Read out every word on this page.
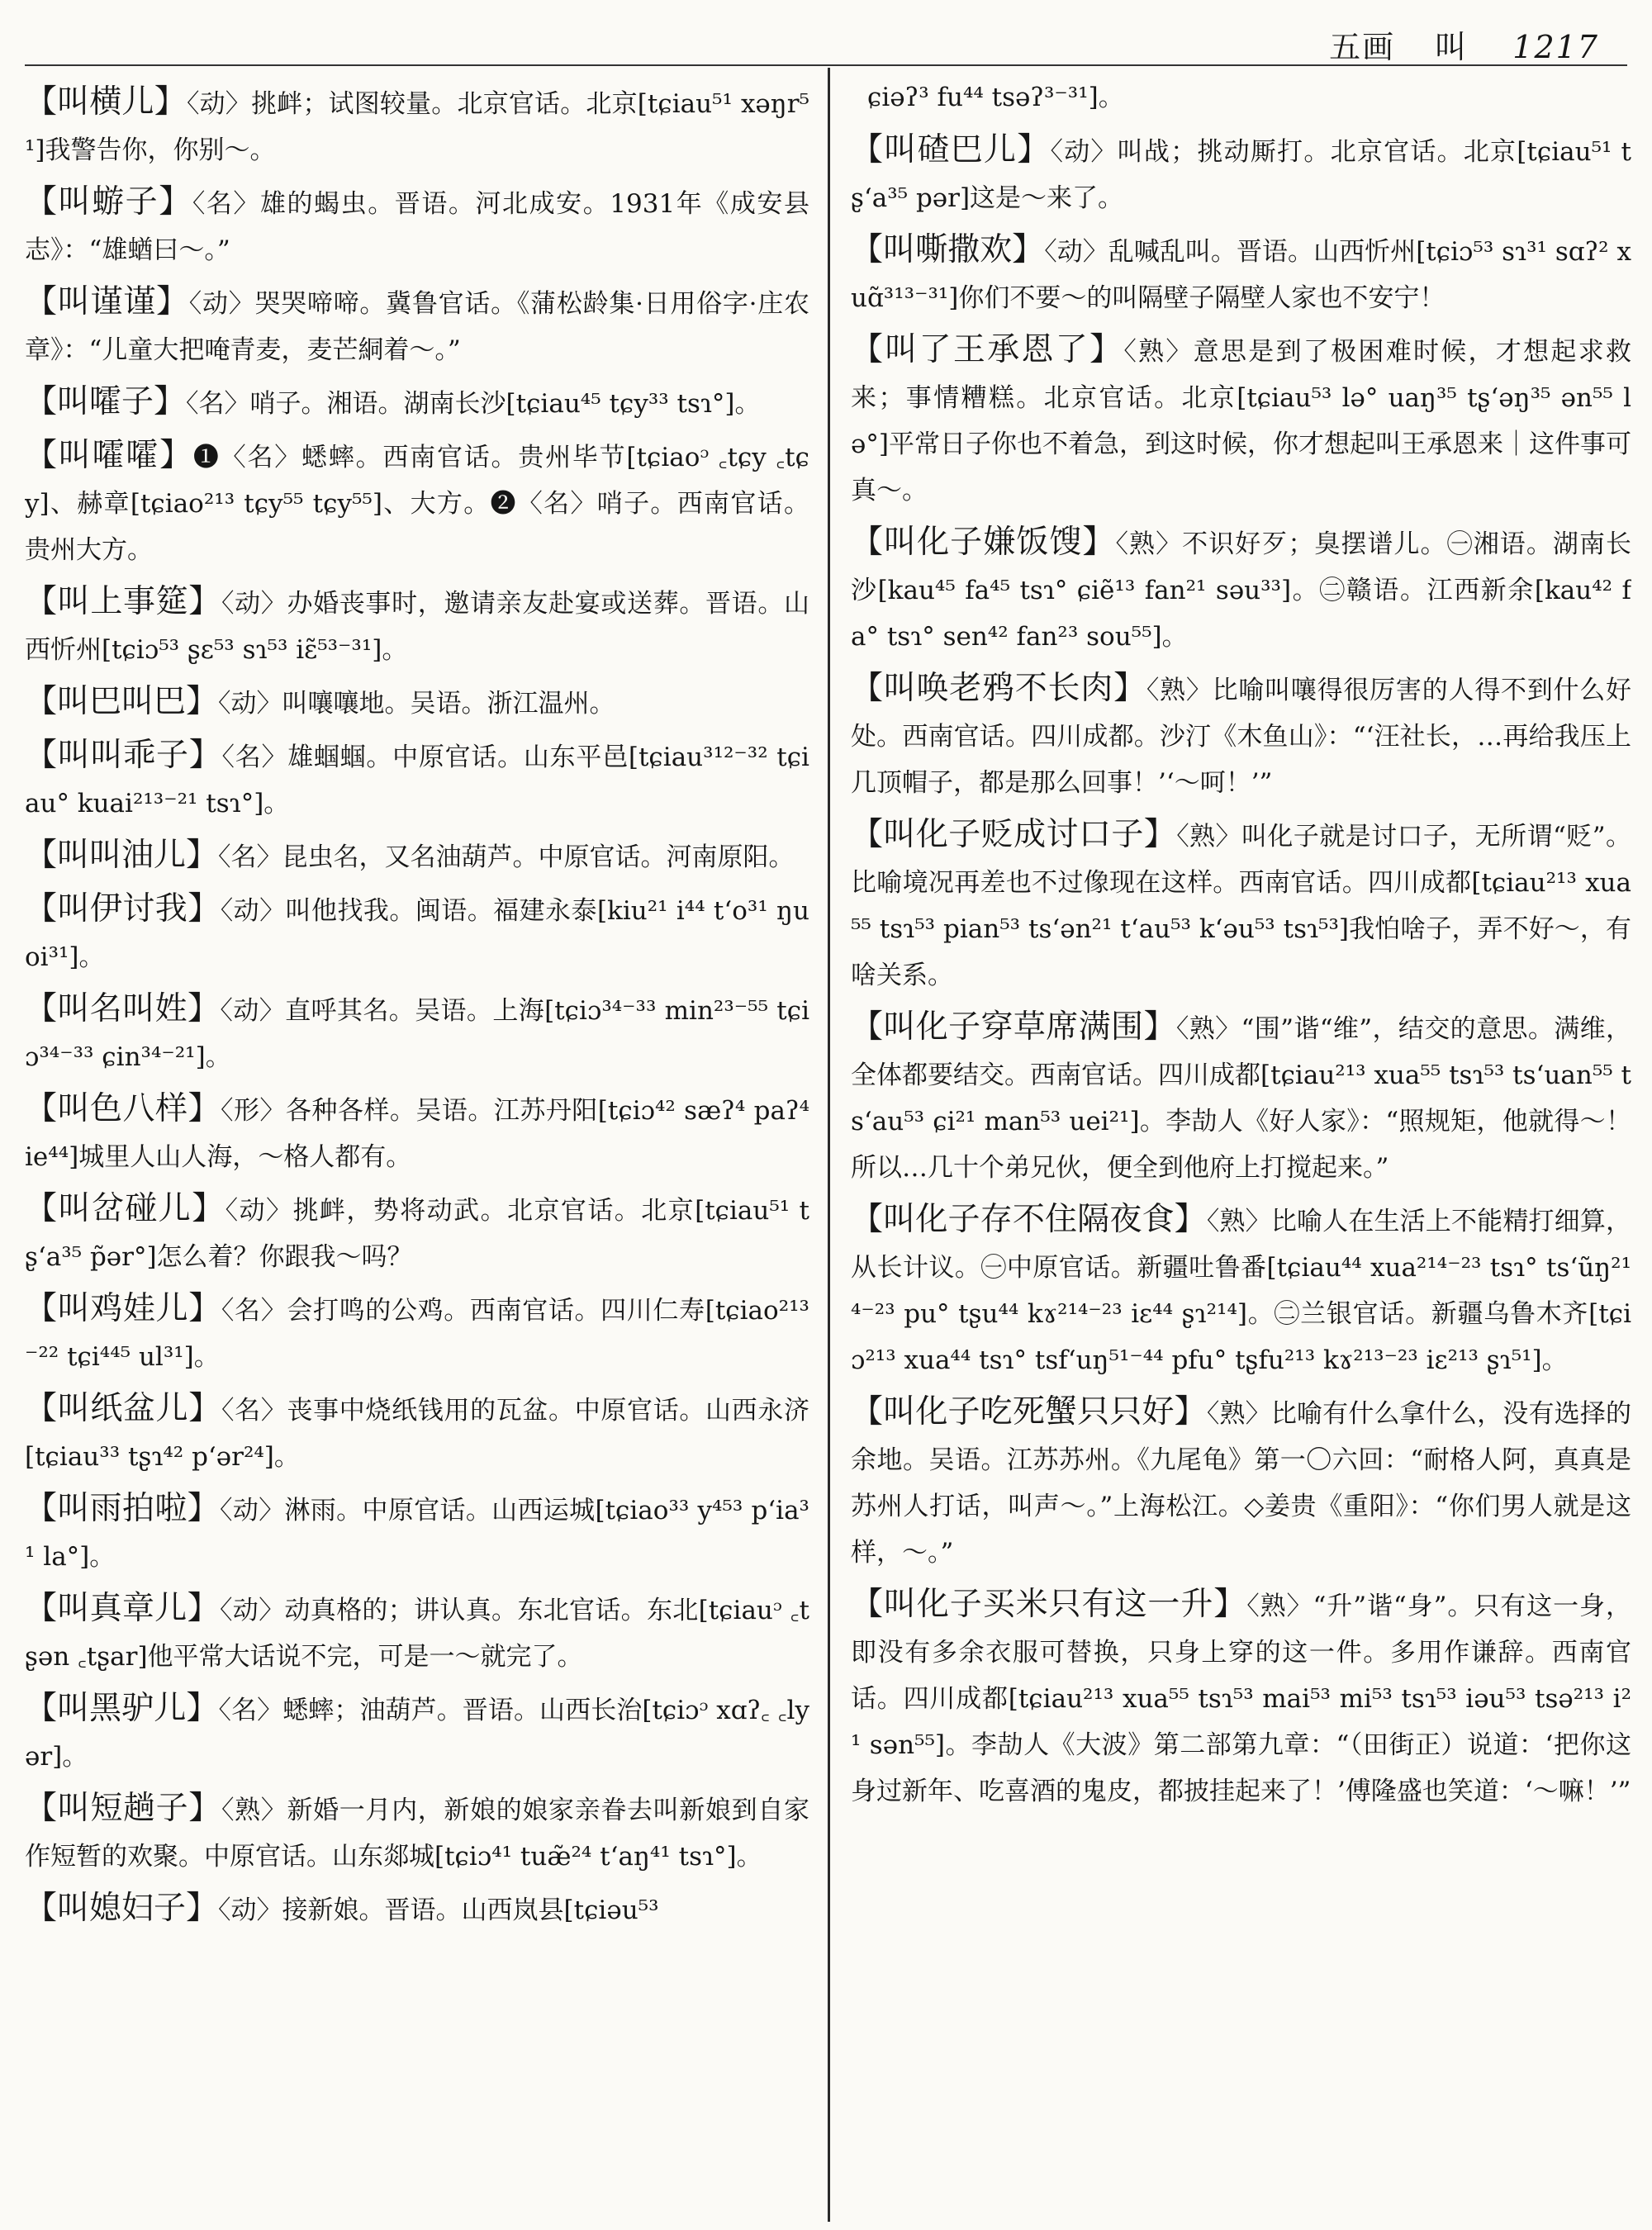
五画 叫 1217
【叫横儿】〈动〉挑衅；试图较量。北京官话。北京[tɕiau⁵¹ xəŋr⁵¹]我警告你，你别～。
【叫蝣子】〈名〉雄的蝎虫。晋语。河北成安。1931年《成安县志》：“雄蝤曰～。”
【叫谨谨】〈动〉哭哭啼啼。冀鲁官话。《蒲松龄集·日用俗字·庄农章》：“儿童大把唵青麦，麦芒絧着～。”
【叫嚯子】〈名〉哨子。湘语。湖南长沙[tɕiau⁴⁵ tɕy³³ tsɿ°]。
【叫嚯嚯】❶〈名〉蟋蟀。西南官话。贵州毕节[tɕiaoᵓ ꜀tɕy ꜀tɕy]、赫章[tɕiao²¹³ tɕy⁵⁵ tɕy⁵⁵]、大方。❷〈名〉哨子。西南官话。贵州大方。
【叫上事筵】〈动〉办婚丧事时，邀请亲友赴宴或送葬。晋语。山西忻州[tɕiɔ⁵³ ʂɛ⁵³ sɿ⁵³ iɛ̃⁵³⁻³¹]。
【叫巴叫巴】〈动〉叫嚷嚷地。吴语。浙江温州。
【叫叫乖子】〈名〉雄蝈蝈。中原官话。山东平邑[tɕiau³¹²⁻³² tɕiau° kuai²¹³⁻²¹ tsɿ°]。
【叫叫油儿】〈名〉昆虫名，又名油葫芦。中原官话。河南原阳。
【叫伊讨我】〈动〉叫他找我。闽语。福建永泰[kiu²¹ i⁴⁴ t‘o³¹ ŋuoi³¹]。
【叫名叫姓】〈动〉直呼其名。吴语。上海[tɕiɔ³⁴⁻³³ min²³⁻⁵⁵ tɕiɔ³⁴⁻³³ ɕin³⁴⁻²¹]。
【叫色八样】〈形〉各种各样。吴语。江苏丹阳[tɕiɔ⁴² sæʔ⁴ paʔ⁴ ie⁴⁴]城里人山人海，～格人都有。
【叫岔碰儿】〈动〉挑衅，势将动武。北京官话。北京[tɕiau⁵¹ tʂ‘a³⁵ p̃ər°]怎么着？你跟我～吗？
【叫鸡娃儿】〈名〉会打鸣的公鸡。西南官话。四川仁寿[tɕiao²¹³⁻²² tɕi⁴⁴⁵ ul³¹]。
【叫纸盆儿】〈名〉丧事中烧纸钱用的瓦盆。中原官话。山西永济[tɕiau³³ tʂɿ⁴² p‘ər²⁴]。
【叫雨拍啦】〈动〉淋雨。中原官话。山西运城[tɕiao³³ y⁴⁵³ p‘ia³¹ la°]。
【叫真章儿】〈动〉动真格的；讲认真。东北官话。东北[tɕiauᵓ ꜀tʂən ꜀tʂar]他平常大话说不完，可是一～就完了。
【叫黑驴儿】〈名〉蟋蟀；油葫芦。晋语。山西长治[tɕiɔᵓ xɑʔ꜀ ꜀lyər]。
【叫短趟子】〈熟〉新婚一月内，新娘的娘家亲眷去叫新娘到自家作短暂的欢聚。中原官话。山东郯城[tɕiɔ⁴¹ tuæ̃²⁴ t‘aŋ⁴¹ tsɿ°]。
【叫媳妇子】〈动〉接新娘。晋语。山西岚县[tɕiəu⁵³
ɕiəʔ³ fu⁴⁴ tsəʔ³⁻³¹]。
【叫碴巴儿】〈动〉叫战；挑动厮打。北京官话。北京[tɕiau⁵¹ tʂ‘a³⁵ pər]这是～来了。
【叫嘶撒欢】〈动〉乱喊乱叫。晋语。山西忻州[tɕiɔ⁵³ sɿ³¹ sɑʔ² xuɑ̃³¹³⁻³¹]你们不要～的叫隔壁子隔壁人家也不安宁！
【叫了王承恩了】〈熟〉意思是到了极困难时候，才想起求救来；事情糟糕。北京官话。北京[tɕiau⁵³ lə° uaŋ³⁵ tʂ‘əŋ³⁵ ən⁵⁵ lə°]平常日子你也不着急，到这时候，你才想起叫王承恩来｜这件事可真～。
【叫化子嫌饭馊】〈熟〉不识好歹；臭摆谱儿。㊀湘语。湖南长沙[kau⁴⁵ fa⁴⁵ tsɿ° ɕiẽ¹³ fan²¹ səu³³]。㊁赣语。江西新余[kau⁴² fa° tsɿ° sen⁴² fan²³ sou⁵⁵]。
【叫唤老鸦不长肉】〈熟〉比喻叫嚷得很厉害的人得不到什么好处。西南官话。四川成都。沙汀《木鱼山》：“‘汪社长，…再给我压上几顶帽子，都是那么回事！’‘～呵！’”
【叫化子贬成讨口子】〈熟〉叫化子就是讨口子，无所谓“贬”。比喻境况再差也不过像现在这样。西南官话。四川成都[tɕiau²¹³ xua⁵⁵ tsɿ⁵³ pian⁵³ ts‘ən²¹ t‘au⁵³ k‘əu⁵³ tsɿ⁵³]我怕啥子，弄不好～，有啥关系。
【叫化子穿草席满围】〈熟〉“围”谐“维”，结交的意思。满维，全体都要结交。西南官话。四川成都[tɕiau²¹³ xua⁵⁵ tsɿ⁵³ ts‘uan⁵⁵ ts‘au⁵³ ɕi²¹ man⁵³ uei²¹]。李劼人《好人家》：“照规矩，他就得～！所以…几十个弟兄伙，便全到他府上打搅起来。”
【叫化子存不住隔夜食】〈熟〉比喻人在生活上不能精打细算，从长计议。㊀中原官话。新疆吐鲁番[tɕiau⁴⁴ xua²¹⁴⁻²³ tsɿ° ts‘ũŋ²¹⁴⁻²³ pu° tʂu⁴⁴ kɤ²¹⁴⁻²³ iɛ⁴⁴ ʂɿ²¹⁴]。㊁兰银官话。新疆乌鲁木齐[tɕiɔ²¹³ xua⁴⁴ tsɿ° tsf‘uŋ⁵¹⁻⁴⁴ pfu° tʂfu²¹³ kɤ²¹³⁻²³ iɛ²¹³ ʂɿ⁵¹]。
【叫化子吃死蟹只只好】〈熟〉比喻有什么拿什么，没有选择的余地。吴语。江苏苏州。《九尾龟》第一〇六回：“耐格人阿，真真是苏州人打话，叫声～。”上海松江。◇姜贵《重阳》：“你们男人就是这样，～。”
【叫化子买米只有这一升】〈熟〉“升”谐“身”。只有这一身，即没有多余衣服可替换，只身上穿的这一件。多用作谦辞。西南官话。四川成都[tɕiau²¹³ xua⁵⁵ tsɿ⁵³ mai⁵³ mi⁵³ tsɿ⁵³ iəu⁵³ tsə²¹³ i²¹ sən⁵⁵]。李劼人《大波》第二部第九章：“（田街正）说道：‘把你这身过新年、吃喜酒的鬼皮，都披挂起来了！’傅隆盛也笑道：‘～嘛！’”
